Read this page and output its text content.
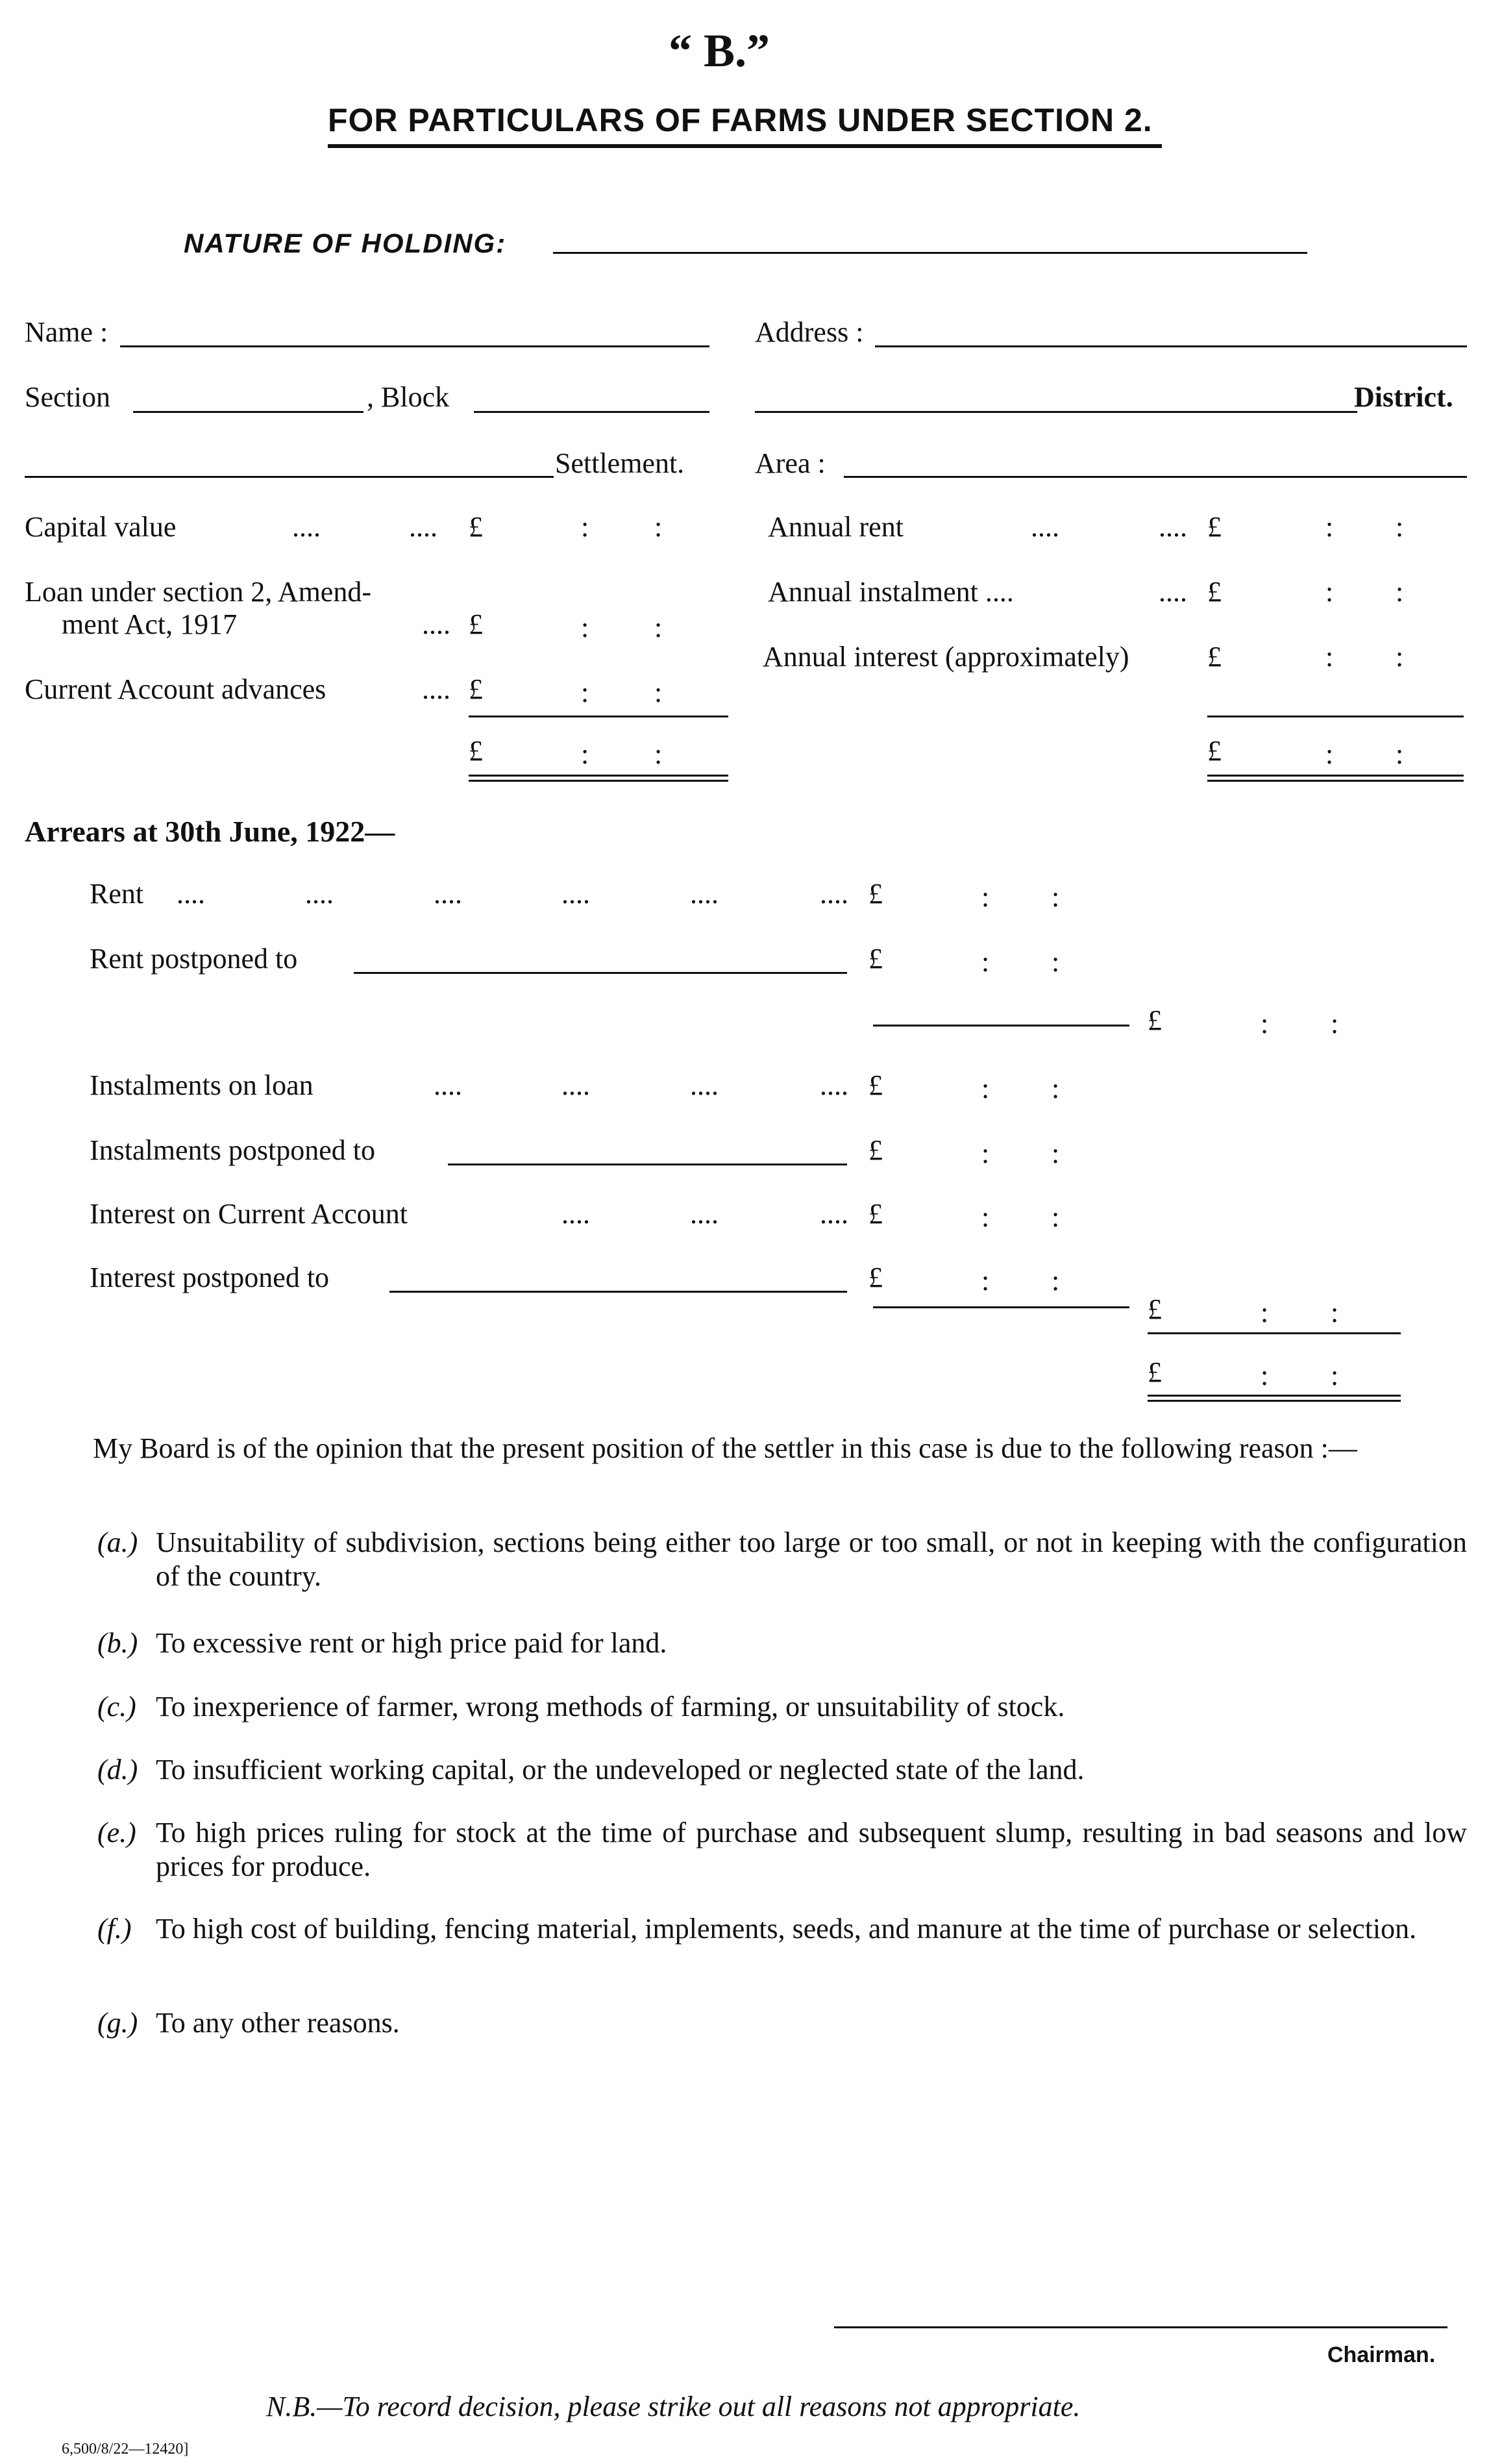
“ B.”
FOR PARTICULARS OF FARMS UNDER SECTION 2.
NATURE OF HOLDING:
Name :	Address :
Section	, Block	District.
Settlement. Area :
Capital value	....	.... £	: :
Loan under section 2, Amend-
ment Act, 1917	.... £	: :
Current Account advances	.... £	: :
£	: :
Annual rent	....	.... £	: :
Annual instalment ....	.... £	: :
Annual interest (approximately)	£	: :
£	: :
Arrears at 30th June, 1922—
Rent ....	....	....	....	....	.... £	: :
Rent postponed to	£	: :
£	: :
Instalments on loan	....	....	....	.... £	: :
Instalments postponed to	£	: :
Interest on Current Account	....	....	.... £	: :
Interest postponed to	£	: :
£	: :
£	: :
My Board is of the opinion that the present position of the settler in this case is due to the following reason :—
(a.) Unsuitability of subdivision, sections being either too large or too small, or not in keeping with the configuration of the country.
(b.) To excessive rent or high price paid for land.
(c.) To inexperience of farmer, wrong methods of farming, or unsuitability of stock.
(d.) To insufficient working capital, or the undeveloped or neglected state of the land.
(e.) To high prices ruling for stock at the time of purchase and subsequent slump, resulting in bad seasons and low prices for produce.
(f.) To high cost of building, fencing material, implements, seeds, and manure at the time of purchase or selection.
(g.) To any other reasons.
Chairman.
N.B.—To record decision, please strike out all reasons not appropriate.
6,500/8/22—12420]
